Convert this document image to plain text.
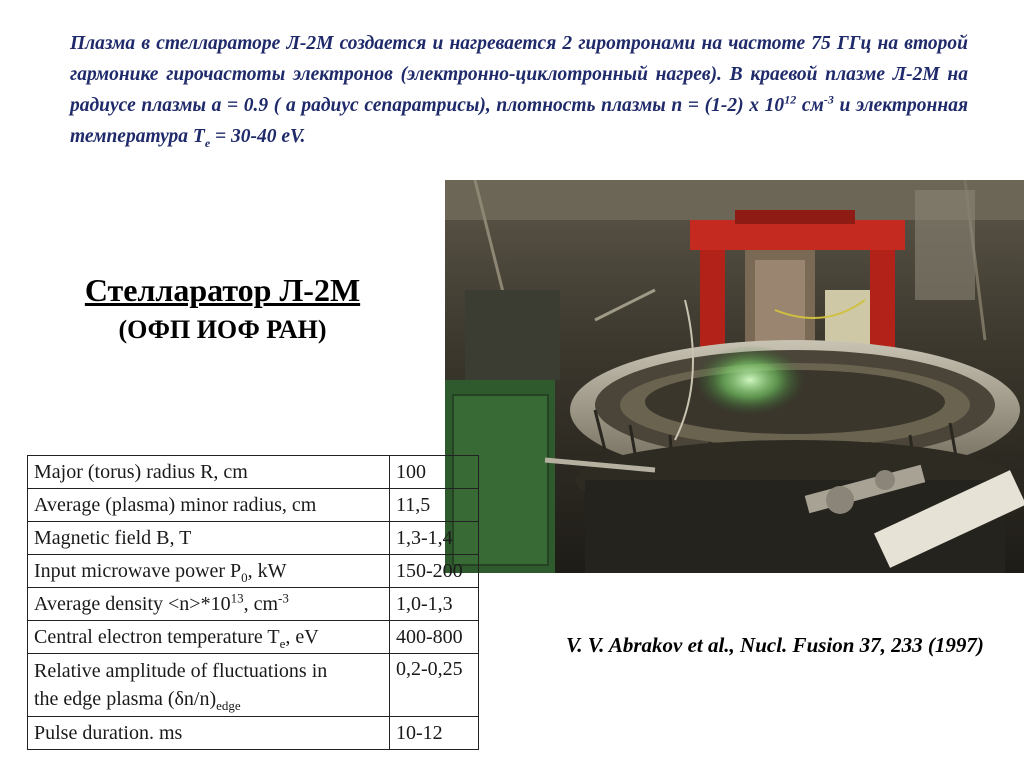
Плазма в стеллараторе Л-2М создается и нагревается 2 гиротронами на частоте 75 ГГц на второй гармонике гирочастоты электронов (электронно-циклотронный нагрев). В краевой плазме Л-2М на радиусе плазмы a = 0.9 ( a радиус сепаратрисы), плотность плазмы n = (1-2) x $10^{12}$ $см^{-3}$ и электронная температура $T_e = 30-40$ eV.

Стелларатор Л-2М

(ОФП ИОФ РАН)

Major (torus) radius R, cm	100
Average (plasma) minor radius, cm	11,5
Magnetic field B, T	1,3-1,4
Input microwave power $P_0$, kW	150-200
Average density $<n>*10^{13}$, $cm^{-3}$	1,0-1,3
Central electron temperature $T_e$, eV	400-800
Relative amplitude of fluctuations in
the edge plasma $(\delta n/n)_{edge}$	0,2-0,25
Pulse duration. ms	10-12

V. V. Abrakov et al., Nucl. Fusion 37, 233 (1997)
